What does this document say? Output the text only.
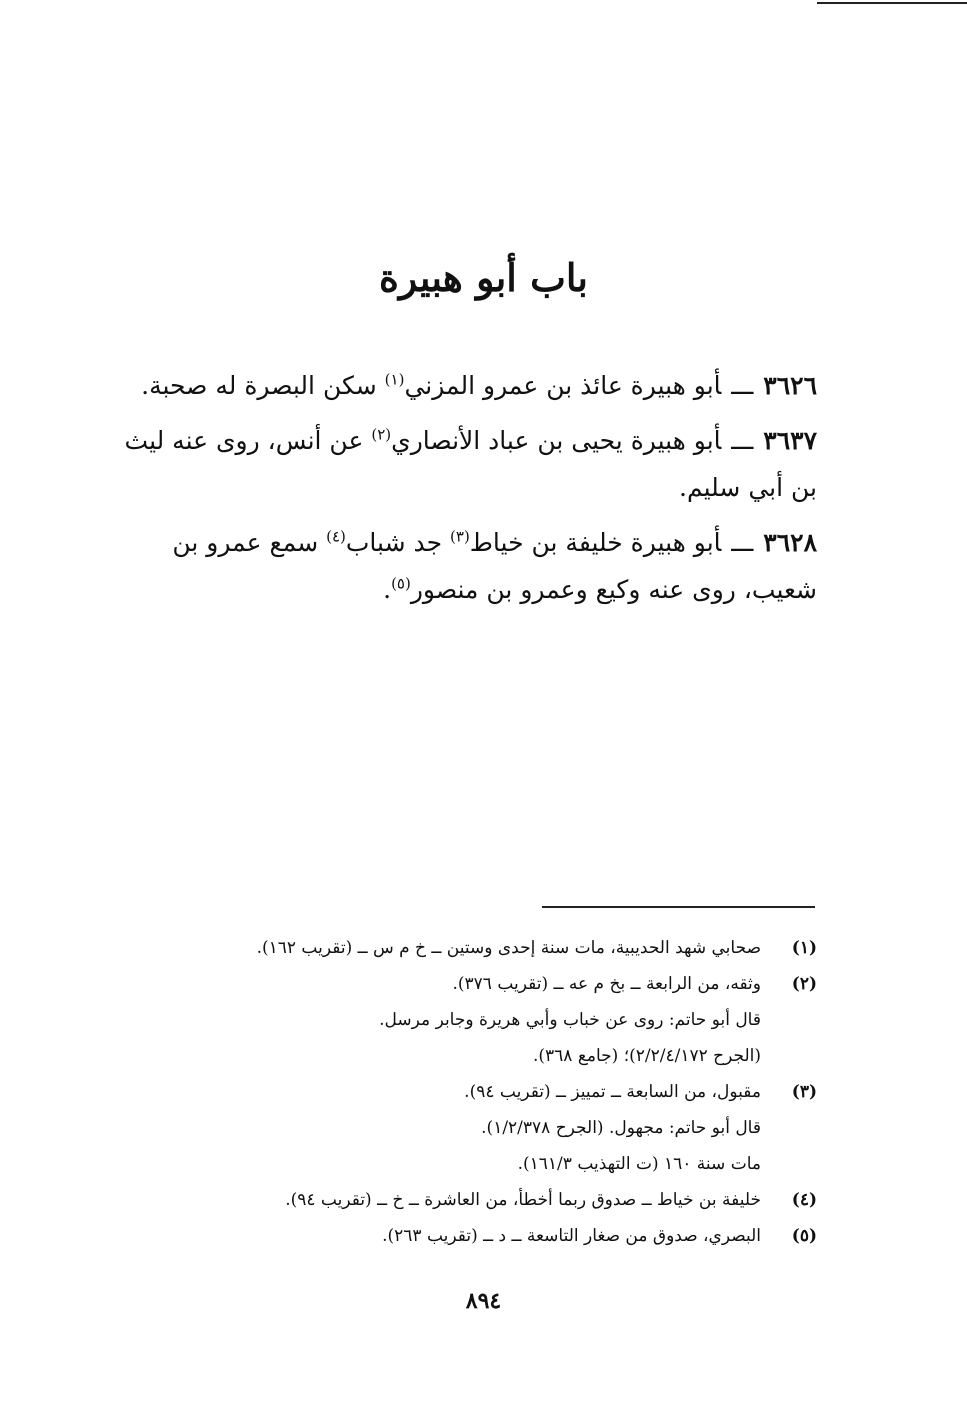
باب أبو هبيرة

٣٦٢٦ـــأبو هبيرة عائذ بن عمرو المزني$^{(١)}$ سكن البصرة له صحبة.

٣٦٣٧ـــأبو هبيرة يحيى بن عباد الأنصاري$^{(٢)}$ عن أنس، روى عنه ليث بن أبي سليم.

٣٦٢٨ـــأبو هبيرة خليفة بن خياط$^{(٣)}$ جد شباب$^{(٤)}$ سمع عمرو بن شعيب، روى عنه وكيع وعمرو بن منصور$^{(٥)}$.

(١)
صحابي شهد الحديبية، مات سنة إحدى وستين ــ خ م س ــ (تقريب ١٦٢).
(٢)
وثقه، من الرابعة ــ بخ م عه ــ (تقريب ٣٧٦).
قال أبو حاتم: روى عن خباب وأبي هريرة وجابر مرسل.
(الجرح ٢/٢/٤/١٧٢)؛ (جامع ٣٦٨).
(٣)
مقبول، من السابعة ــ تمييز ــ (تقريب ٩٤).
قال أبو حاتم: مجهول. (الجرح ١/٢/٣٧٨).
مات سنة ١٦٠ (ت التهذيب ١٦١/٣).
(٤)
خليفة بن خياط ــ صدوق ربما أخطأ، من العاشرة ــ خ ــ (تقريب ٩٤).
(٥)
البصري، صدوق من صغار التاسعة ــ د ــ (تقريب ٢٦٣).
٨٩٤
